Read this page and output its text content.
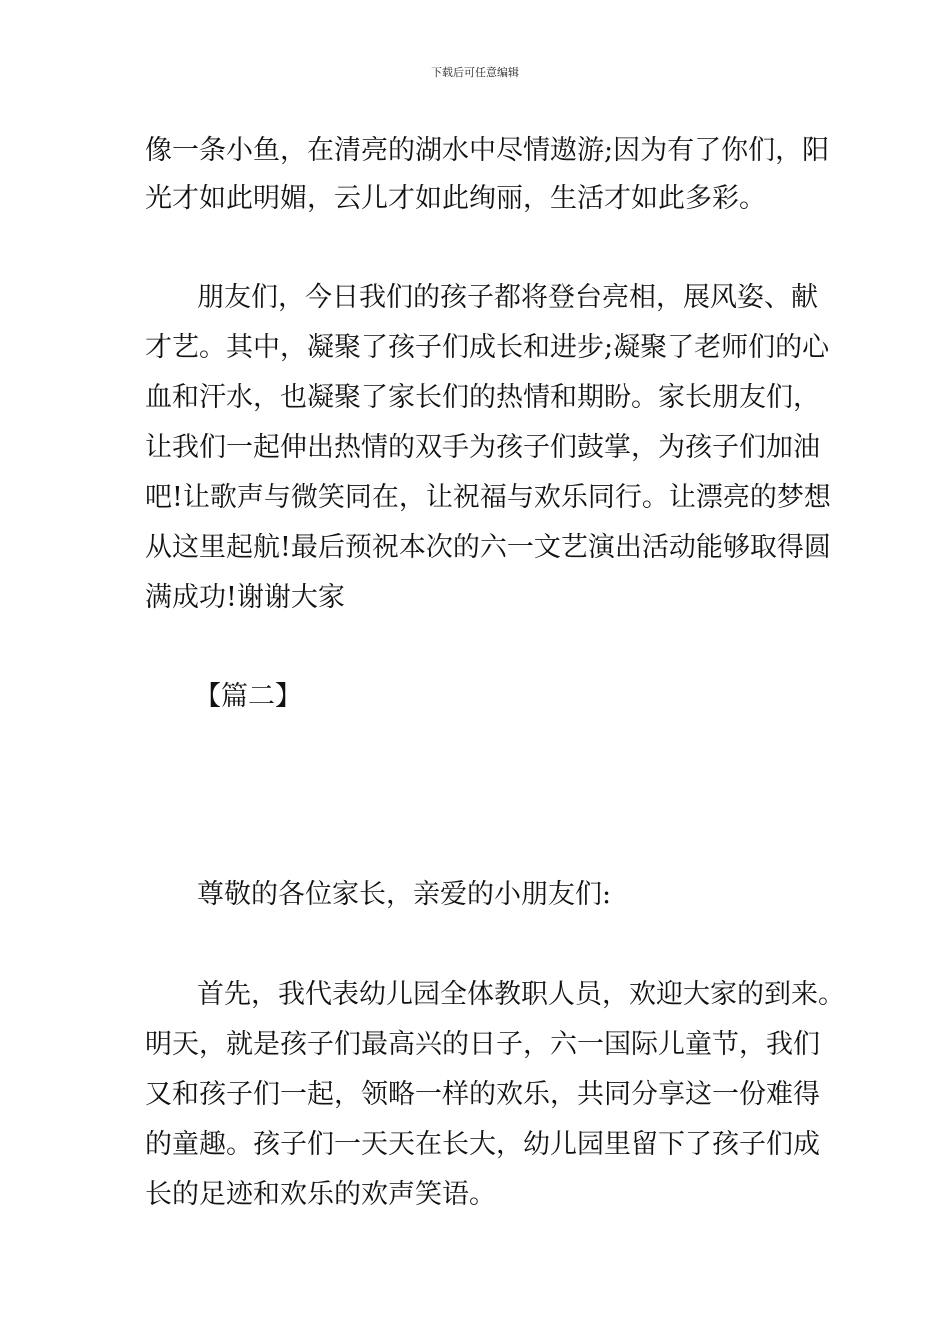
下载后可任意编辑
像一条小鱼，在清亮的湖水中尽情遨游;因为有了你们，阳
光才如此明媚，云儿才如此绚丽，生活才如此多彩。
朋友们，今日我们的孩子都将登台亮相，展风姿、献
才艺。其中，凝聚了孩子们成长和进步;凝聚了老师们的心
血和汗水，也凝聚了家长们的热情和期盼。家长朋友们，
让我们一起伸出热情的双手为孩子们鼓掌，为孩子们加油
吧!让歌声与微笑同在，让祝福与欢乐同行。让漂亮的梦想
从这里起航!最后预祝本次的六一文艺演出活动能够取得圆
满成功!谢谢大家
【篇二】
尊敬的各位家长，亲爱的小朋友们:
首先，我代表幼儿园全体教职人员，欢迎大家的到来。
明天，就是孩子们最高兴的日子，六一国际儿童节，我们
又和孩子们一起，领略一样的欢乐，共同分享这一份难得
的童趣。孩子们一天天在长大，幼儿园里留下了孩子们成
长的足迹和欢乐的欢声笑语。
